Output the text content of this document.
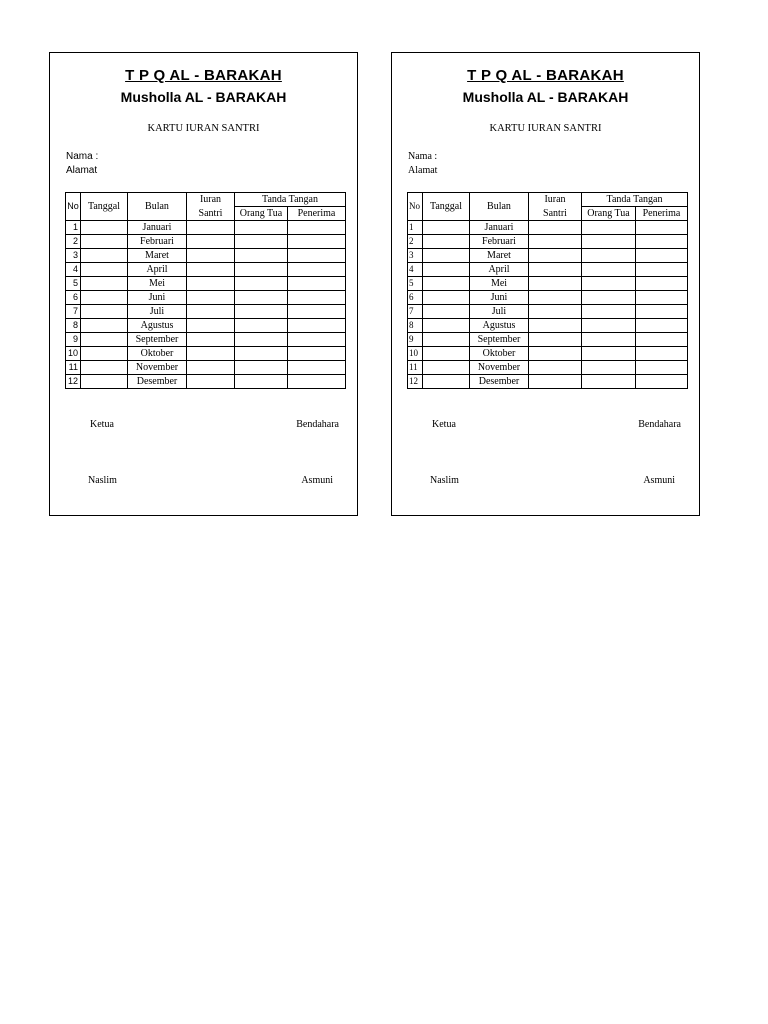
T P Q AL - BARAKAH
Musholla AL - BARAKAH
KARTU IURAN SANTRI
Nama :
Alamat
No	Tanggal	Bulan	Iuran	Tanda Tangan	
			Santri	Orang Tua	Penerima
1		Januari			
2		Februari			
3		Maret			
4		April			
5		Mei			
6		Juni			
7		Juli			
8		Agustus			
9		September			
10		Oktober			
11		November			
12		Desember			
Ketua	Bendahara
Naslim	Asmuni
T P Q AL - BARAKAH
Musholla AL - BARAKAH
KARTU IURAN SANTRI
Nama :
Alamat
No	Tanggal	Bulan	Iuran	Tanda Tangan	
			Santri	Orang Tua	Penerima
1		Januari			
2		Februari			
3		Maret			
4		April			
5		Mei			
6		Juni			
7		Juli			
8		Agustus			
9		September			
10		Oktober			
11		November			
12		Desember			
Ketua	Bendahara
Naslim	Asmuni
